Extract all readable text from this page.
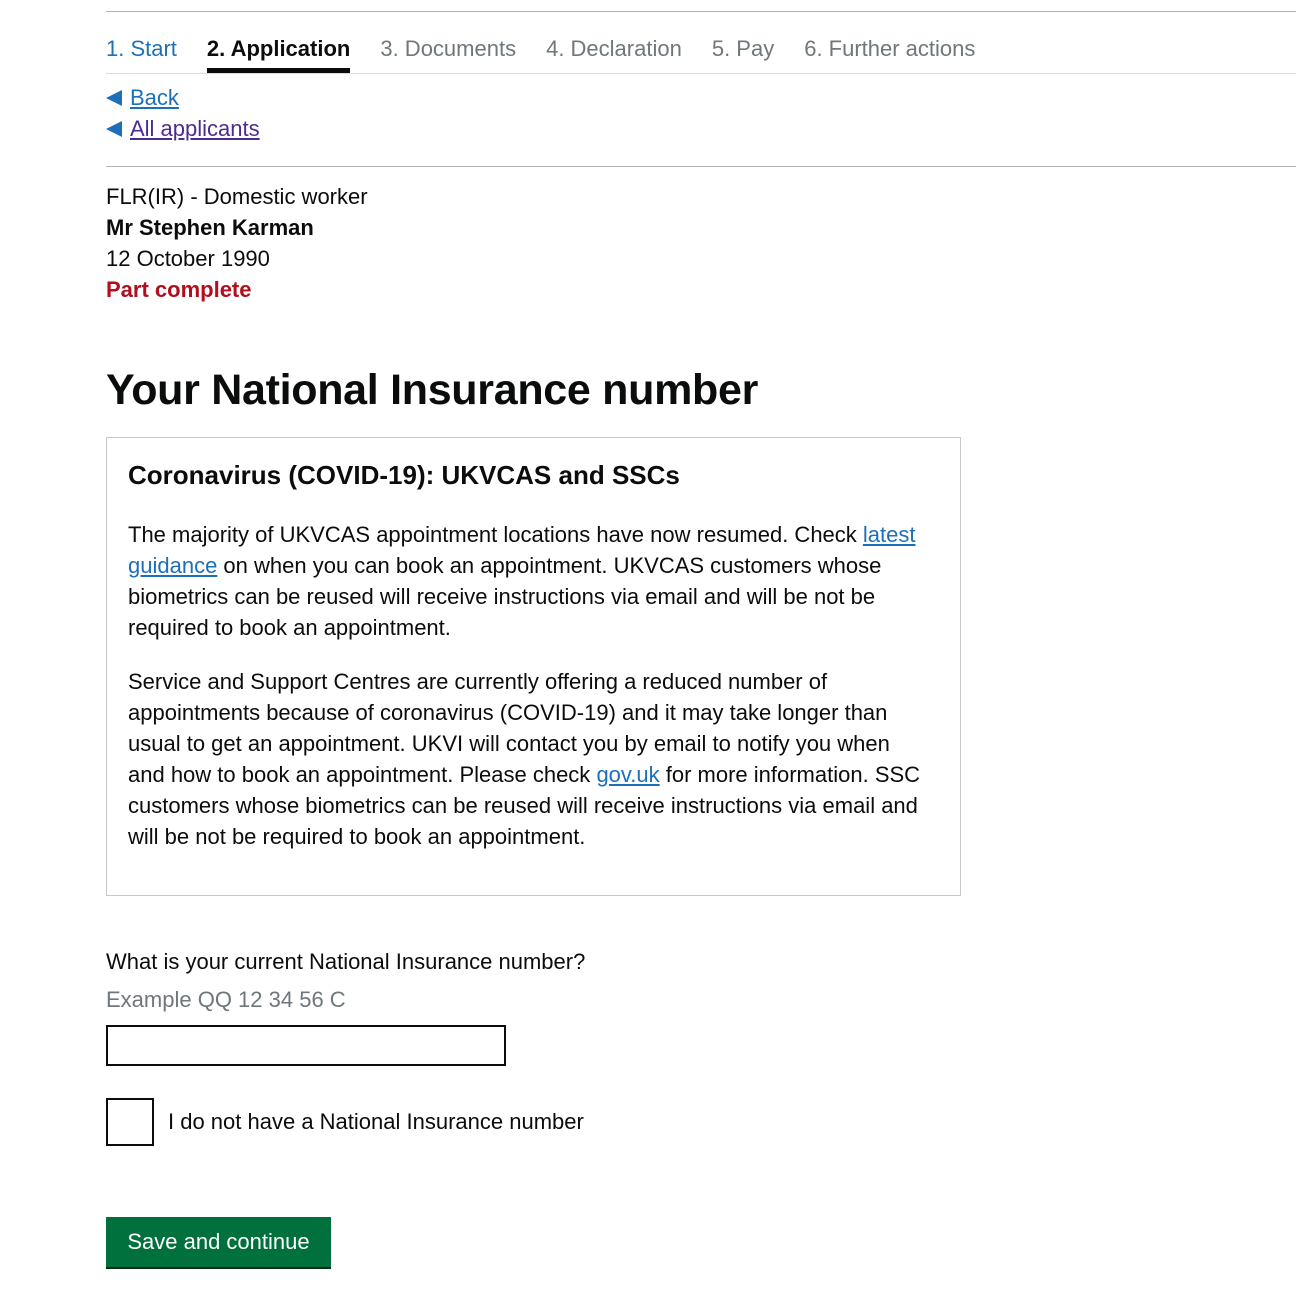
1. Start 2. Application 3. Documents 4. Declaration 5. Pay 6. Further actions
Back
All applicants
FLR(IR) - Domestic worker
Mr Stephen Karman
12 October 1990
Part complete
Your National Insurance number
Coronavirus (COVID-19): UKVCAS and SSCs

The majority of UKVCAS appointment locations have now resumed. Check latest guidance on when you can book an appointment. UKVCAS customers whose biometrics can be reused will receive instructions via email and will be not be required to book an appointment.

Service and Support Centres are currently offering a reduced number of appointments because of coronavirus (COVID-19) and it may take longer than usual to get an appointment. UKVI will contact you by email to notify you when and how to book an appointment. Please check gov.uk for more information. SSC customers whose biometrics can be reused will receive instructions via email and will be not be required to book an appointment.

What is your current National Insurance number?
Example QQ 12 34 56 C
I do not have a National Insurance number
Save and continue
